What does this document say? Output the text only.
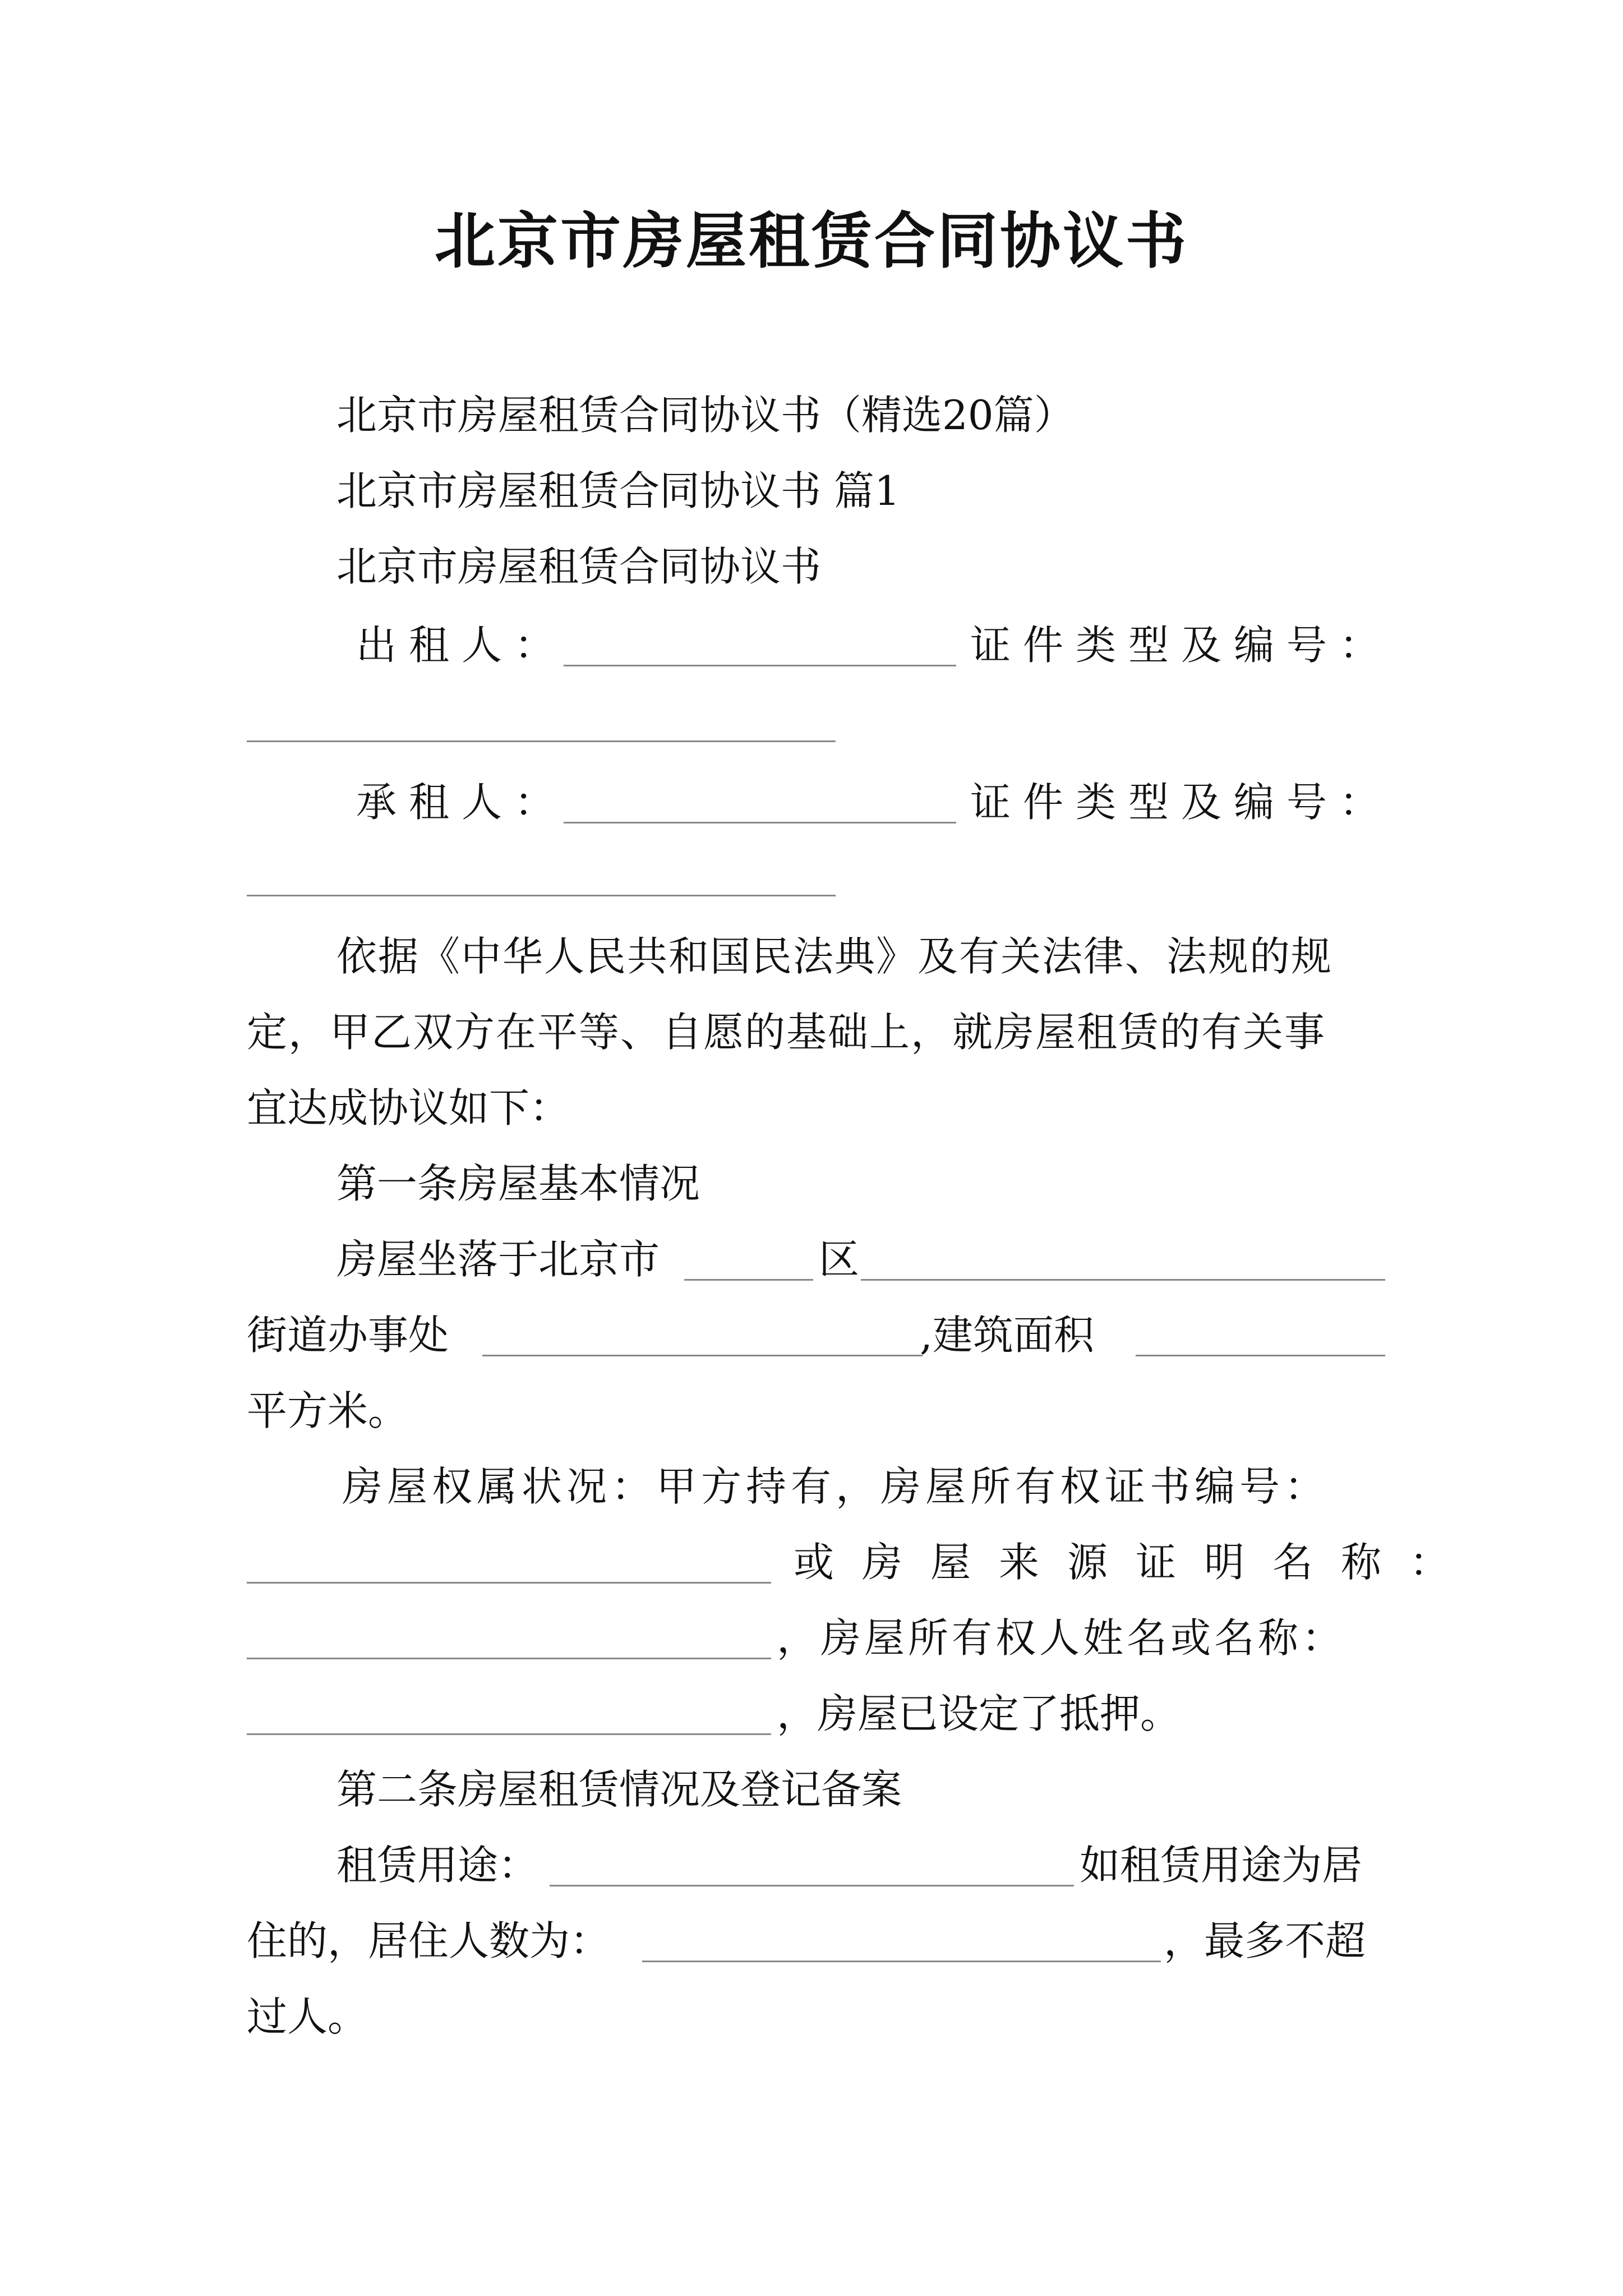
北京市房屋租赁合同协议书
北京市房屋租赁合同协议书（精选20篇）
北京市房屋租赁合同协议书 篇1
北京市房屋租赁合同协议书
出租人：	证件类型及编号：
承租人：	证件类型及编号：
依据《中华人民共和国民法典》及有关法律、法规的规
定，甲乙双方在平等、自愿的基础上，就房屋租赁的有关事
宜达成协议如下：
第一条房屋基本情况
房屋坐落于北京市	区
街道办事处	,建筑面积
平方米。
房屋权属状况：甲方持有，房屋所有权证书编号：
或房屋来源证明名称：
，房屋所有权人姓名或名称：
，房屋已设定了抵押。
第二条房屋租赁情况及登记备案
租赁用途：	如租赁用途为居
住的，居住人数为：	，最多不超
过人。
